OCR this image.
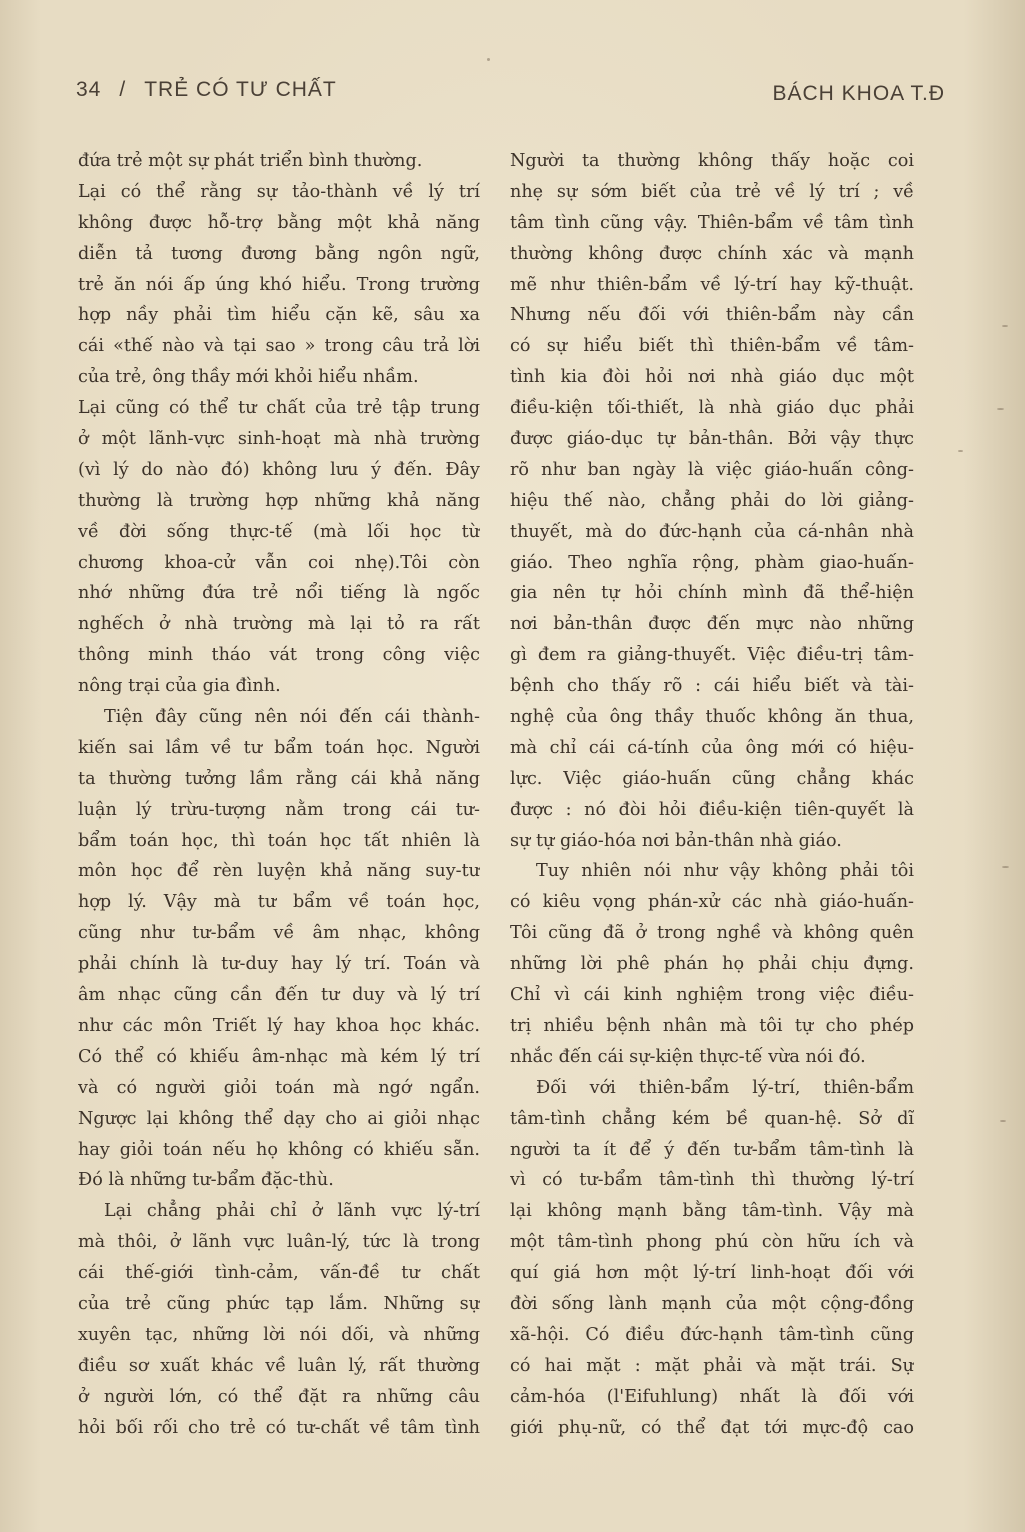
34 / TRẺ CÓ TƯ CHẤT	BÁCH KHOA T.Đ
đứa trẻ một sự phát triển bình thường.
Lại có thể rằng sự tảo-thành về lý trí
không được hỗ-trợ bằng một khả năng
diễn tả tương đương bằng ngôn ngữ,
trẻ ăn nói ấp úng khó hiểu. Trong trường
hợp nầy phải tìm hiểu cặn kẽ, sâu xa
cái «thế nào và tại sao » trong câu trả lời
của trẻ, ông thầy mới khỏi hiểu nhầm.
Lại cũng có thể tư chất của trẻ tập trung
ở một lãnh-vực sinh-hoạt mà nhà trường
(vì lý do nào đó) không lưu ý đến. Đây
thường là trường hợp những khả năng
về đời sống thực-tế (mà lối học từ
chương khoa-cử vẫn coi nhẹ).Tôi còn
nhớ những đứa trẻ nổi tiếng là ngốc
nghếch ở nhà trường mà lại tỏ ra rất
thông minh tháo vát trong công việc
nông trại của gia đình.
Tiện đây cũng nên nói đến cái thành-
kiến sai lầm về tư bẩm toán học. Người
ta thường tưởng lầm rằng cái khả năng
luận lý trừu-tượng nằm trong cái tư-
bẩm toán học, thì toán học tất nhiên là
môn học để rèn luyện khả năng suy-tư
hợp lý. Vậy mà tư bẩm về toán học,
cũng như tư-bẩm về âm nhạc, không
phải chính là tư-duy hay lý trí. Toán và
âm nhạc cũng cần đến tư duy và lý trí
như các môn Triết lý hay khoa học khác.
Có thể có khiếu âm-nhạc mà kém lý trí
và có người giỏi toán mà ngớ ngẩn.
Ngược lại không thể dạy cho ai giỏi nhạc
hay giỏi toán nếu họ không có khiếu sẵn.
Đó là những tư-bẩm đặc-thù.
Lại chẳng phải chỉ ở lãnh vực lý-trí
mà thôi, ở lãnh vực luân-lý, tức là trong
cái thế-giới tình-cảm, vấn-đề tư chất
của trẻ cũng phức tạp lắm. Những sự
xuyên tạc, những lời nói dối, và những
điều sơ xuất khác về luân lý, rất thường
ở người lớn, có thể đặt ra những câu
hỏi bối rối cho trẻ có tư-chất về tâm tình
Người ta thường không thấy hoặc coi
nhẹ sự sớm biết của trẻ về lý trí ; về
tâm tình cũng vậy. Thiên-bẩm về tâm tình
thường không được chính xác và mạnh
mẽ như thiên-bẩm về lý-trí hay kỹ-thuật.
Nhưng nếu đối với thiên-bẩm này cần
có sự hiểu biết thì thiên-bẩm về tâm-
tình kia đòi hỏi nơi nhà giáo dục một
điều-kiện tối-thiết, là nhà giáo dục phải
được giáo-dục tự bản-thân. Bởi vậy thực
rõ như ban ngày là việc giáo-huấn công-
hiệu thế nào, chẳng phải do lời giảng-
thuyết, mà do đức-hạnh của cá-nhân nhà
giáo. Theo nghĩa rộng, phàm giao-huấn-
gia nên tự hỏi chính mình đã thể-hiện
nơi bản-thân được đến mực nào những
gì đem ra giảng-thuyết. Việc điều-trị tâm-
bệnh cho thấy rõ : cái hiểu biết và tài-
nghệ của ông thầy thuốc không ăn thua,
mà chỉ cái cá-tính của ông mới có hiệu-
lực. Việc giáo-huấn cũng chẳng khác
được : nó đòi hỏi điều-kiện tiên-quyết là
sự tự giáo-hóa nơi bản-thân nhà giáo.
Tuy nhiên nói như vậy không phải tôi
có kiêu vọng phán-xử các nhà giáo-huấn-
Tôi cũng đã ở trong nghề và không quên
những lời phê phán họ phải chịu đựng.
Chỉ vì cái kinh nghiệm trong việc điều-
trị nhiều bệnh nhân mà tôi tự cho phép
nhắc đến cái sự-kiện thực-tế vừa nói đó.
Đối với thiên-bẩm lý-trí, thiên-bẩm
tâm-tình chẳng kém bề quan-hệ. Sở dĩ
người ta ít để ý đến tư-bẩm tâm-tình là
vì có tư-bẩm tâm-tình thì thường lý-trí
lại không mạnh bằng tâm-tình. Vậy mà
một tâm-tình phong phú còn hữu ích và
quí giá hơn một lý-trí linh-hoạt đối với
đời sống lành mạnh của một cộng-đồng
xã-hội. Có điều đức-hạnh tâm-tình cũng
có hai mặt : mặt phải và mặt trái. Sự
cảm-hóa (l'Eifuhlung) nhất là đối với
giới phụ-nữ, có thể đạt tới mực-độ cao
